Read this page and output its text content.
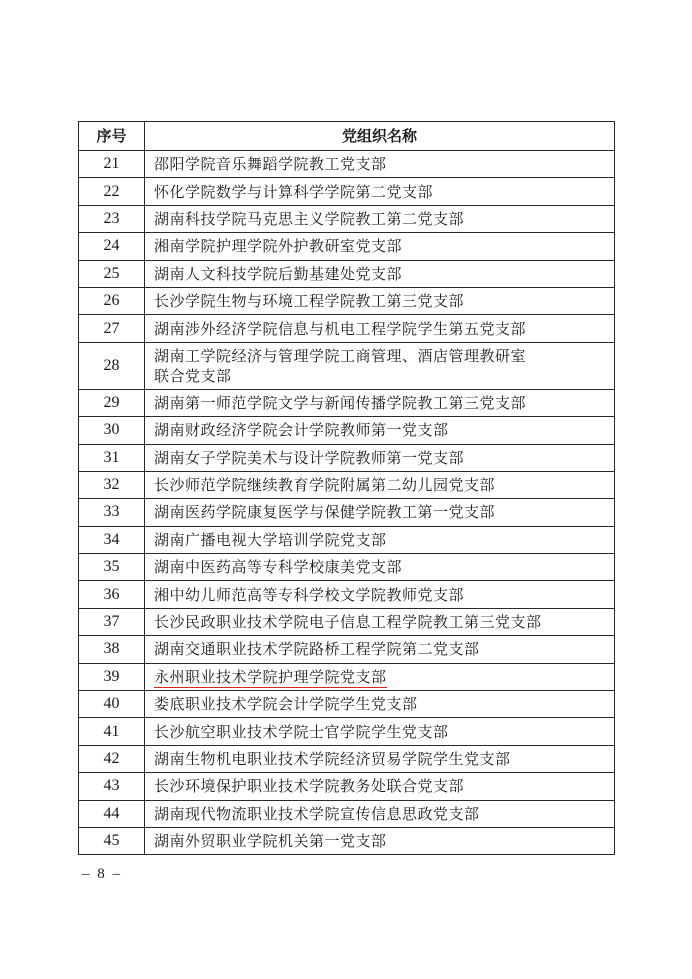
序号	党组织名称
21	邵阳学院音乐舞蹈学院教工党支部
22	怀化学院数学与计算科学学院第二党支部
23	湖南科技学院马克思主义学院教工第二党支部
24	湘南学院护理学院外护教研室党支部
25	湖南人文科技学院后勤基建处党支部
26	长沙学院生物与环境工程学院教工第三党支部
27	湖南涉外经济学院信息与机电工程学院学生第五党支部
28	湖南工学院经济与管理学院工商管理、酒店管理教研室
联合党支部
29	湖南第一师范学院文学与新闻传播学院教工第三党支部
30	湖南财政经济学院会计学院教师第一党支部
31	湖南女子学院美术与设计学院教师第一党支部
32	长沙师范学院继续教育学院附属第二幼儿园党支部
33	湖南医药学院康复医学与保健学院教工第一党支部
34	湖南广播电视大学培训学院党支部
35	湖南中医药高等专科学校康美党支部
36	湘中幼儿师范高等专科学校文学院教师党支部
37	长沙民政职业技术学院电子信息工程学院教工第三党支部
38	湖南交通职业技术学院路桥工程学院第二党支部
39	永州职业技术学院护理学院党支部
40	娄底职业技术学院会计学院学生党支部
41	长沙航空职业技术学院士官学院学生党支部
42	湖南生物机电职业技术学院经济贸易学院学生党支部
43	长沙环境保护职业技术学院教务处联合党支部
44	湖南现代物流职业技术学院宣传信息思政党支部
45	湖南外贸职业学院机关第一党支部
– 8 –
